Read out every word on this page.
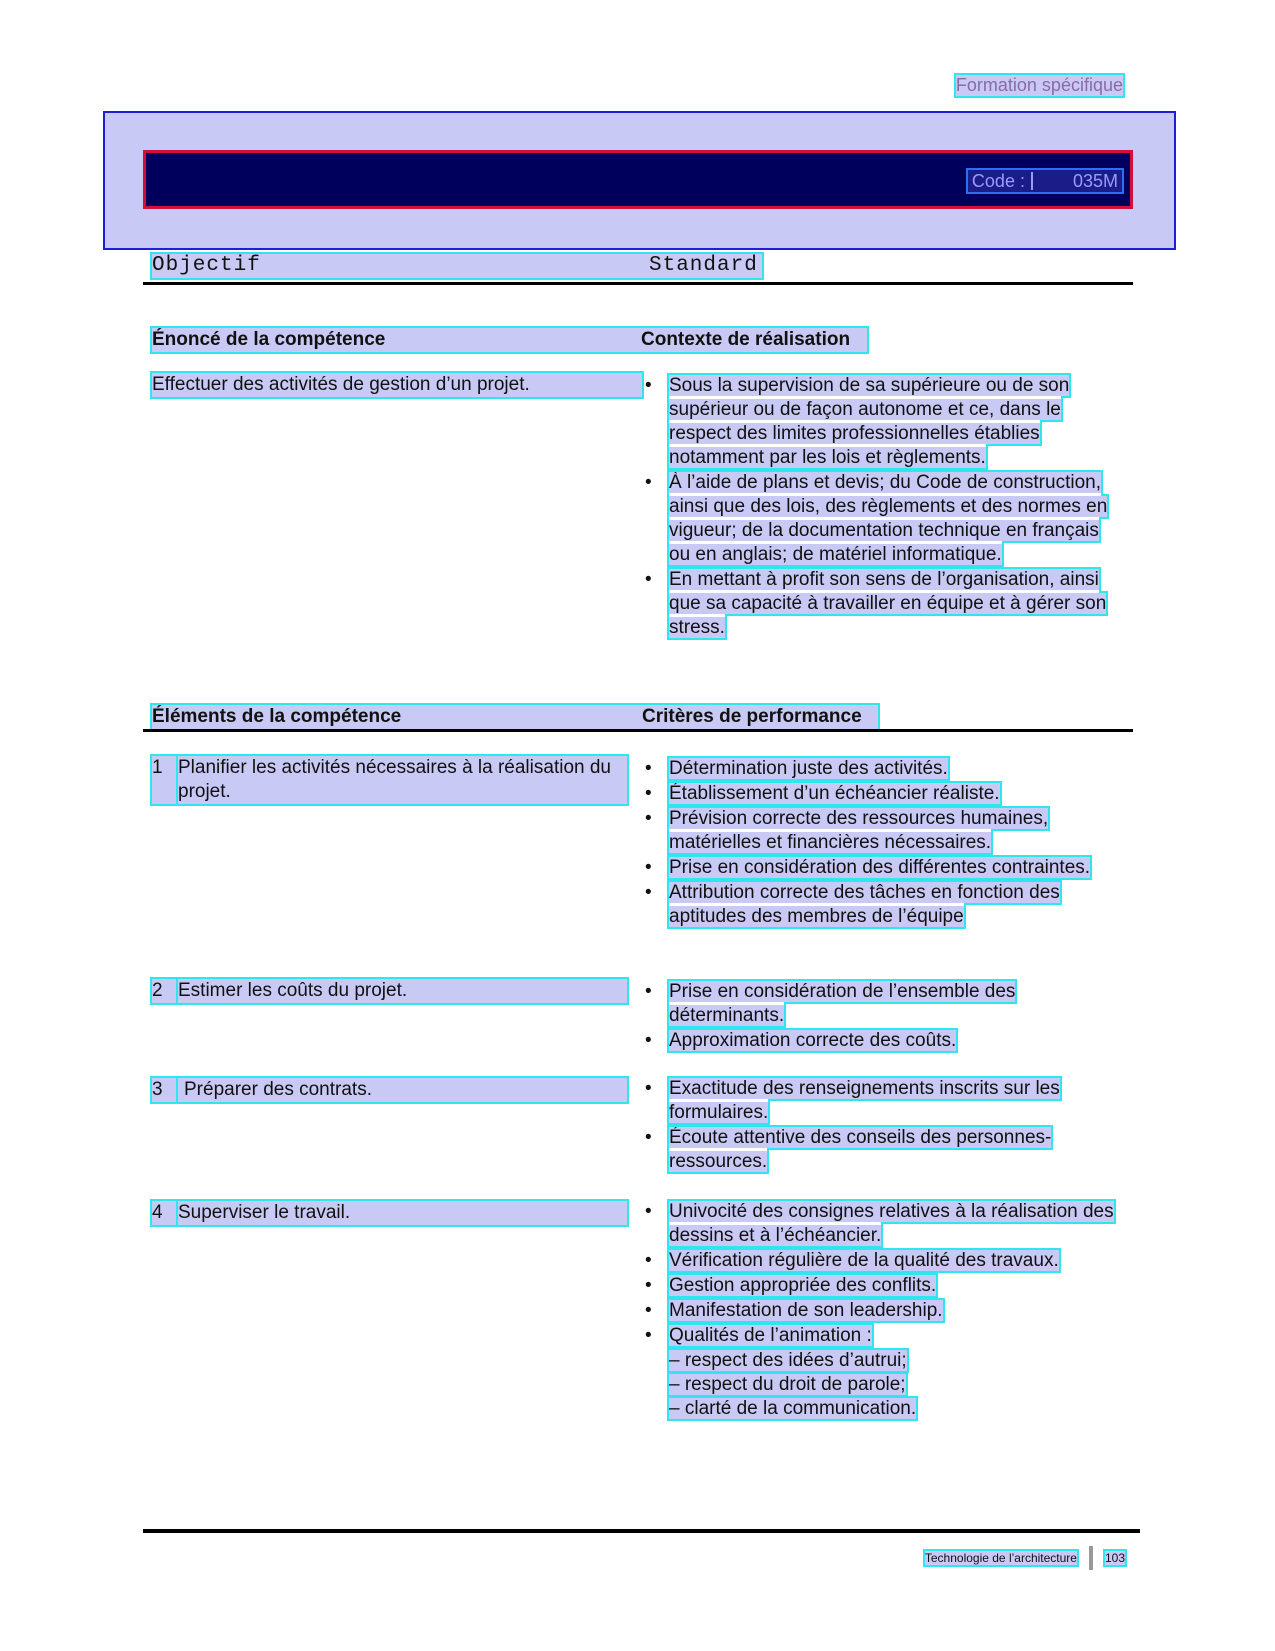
Formation spécifique
Code :	035M
Objectif	Standard
Énoncé de la compétence	Contexte de réalisation
Effectuer des activités de gestion d’un projet.	• Sous la supervision de sa supérieure ou de son supérieur ou de façon autonome et ce, dans le respect des limites professionnelles établies notamment par les lois et règlements.
• À l’aide de plans et devis; du Code de construction, ainsi que des lois, des règlements et des normes en vigueur; de la documentation technique en français ou en anglais; de matériel informatique.
• En mettant à profit son sens de l’organisation, ainsi que sa capacité à travailler en équipe et à gérer son stress.
Éléments de la compétence	Critères de performance
1 Planifier les activités nécessaires à la réalisation du projet.
• Détermination juste des activités.
• Établissement d’un échéancier réaliste.
• Prévision correcte des ressources humaines, matérielles et financières nécessaires.
• Prise en considération des différentes contraintes.
• Attribution correcte des tâches en fonction des aptitudes des membres de l’équipe
2 Estimer les coûts du projet.	• Prise en considération de l’ensemble des déterminants.
• Approximation correcte des coûts.
3	Préparer des contrats.	• Exactitude des renseignements inscrits sur les formulaires.
• Écoute attentive des conseils des personnes-ressources.
4 Superviser le travail.	• Univocité des consignes relatives à la réalisation des dessins et à l’échéancier.
• Vérification régulière de la qualité des travaux.
• Gestion appropriée des conflits.
• Manifestation de son leadership.
• Qualités de l’animation :
– respect des idées d’autrui;
– respect du droit de parole;
– clarté de la communication.
Technologie de l’architecture 103
